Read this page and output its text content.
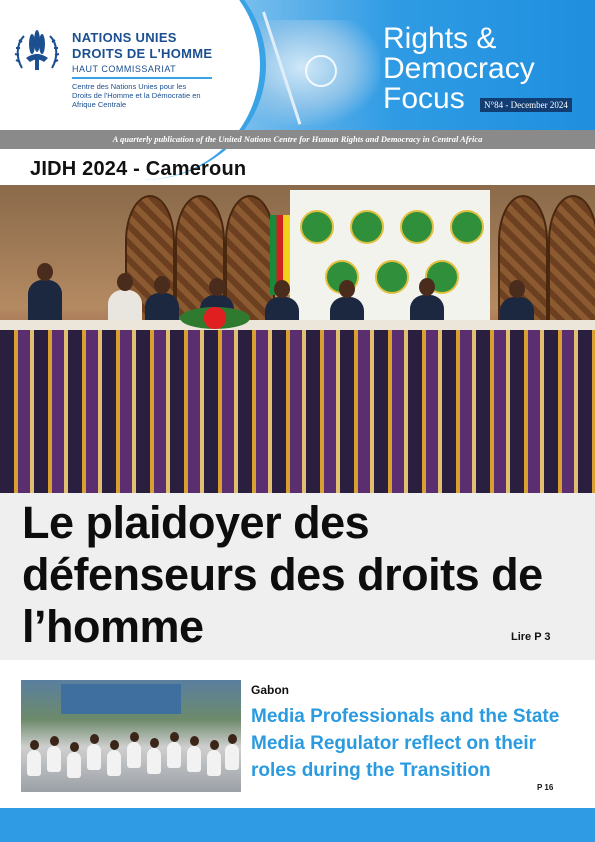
NATIONS UNIES
DROITS DE L'HOMME
HAUT COMMISSARIAT
Centre des Nations Unies pour les Droits de l'Homme et la Démocratie en Afrique Centrale
Rights &
Democracy
Focus	N°84 - December 2024
A quarterly publication of the United Nations Centre for Human Rights and Democracy in Central Africa
JIDH 2024 - Cameroun
Le plaidoyer des défenseurs des droits de l’homme	Lire P 3
Gabon
Media Professionals and the State Media Regulator reflect on their roles during the Transition
P 16
